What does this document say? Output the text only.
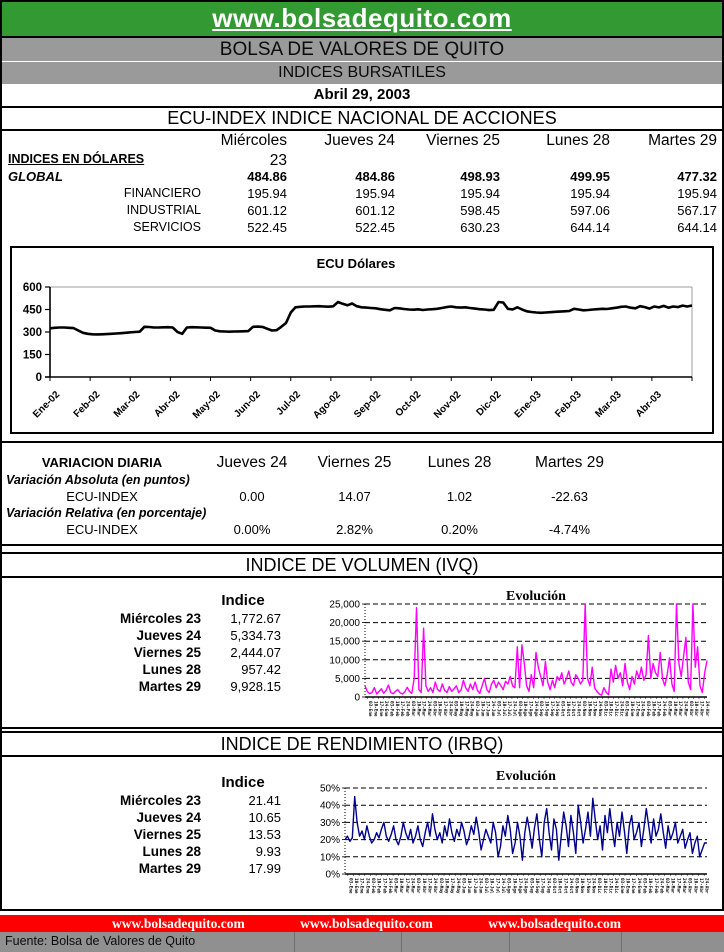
www.bolsadequito.com
BOLSA DE VALORES DE QUITO
INDICES BURSATILES
Abril 29, 2003
ECU-INDEX INDICE NACIONAL DE ACCIONES
Miércoles 23
Jueves 24	Viernes 25	Lunes 28	Martes 29
INDICES EN DÓLARES
GLOBAL	484.86	484.86	498.93	499.95	477.32
FINANCIERO	195.94	195.94	195.94	195.94	195.94
INDUSTRIAL	601.12	601.12	598.45	597.06	567.17
SERVICIOS	522.45	522.45	630.23	644.14	644.14
0
150
300
450
600
Ene-02 Feb-02 Mar-02 Abr-02 May-02 Jun-02 Jul-02 Ago-02 Sep-02 Oct-02 Nov-02 Dic-02 Ene-03 Feb-03 Mar-03 Abr-03
ECU Dólares
VARIACION DIARIA	Jueves 24	Viernes 25	Lunes 28	Martes 29
Variación Absoluta (en puntos)
ECU-INDEX	0.00	14.07	1.02	-22.63
Variación Relativa (en porcentaje)
ECU-INDEX	0.00%	2.82%	0.20%	-4.74%
INDICE DE VOLUMEN (IVQ)
Indice
Miércoles 23	1,772.67
Jueves 24	5,334.73
Viernes 25	2,444.07
Lunes 28	957.42
Martes 29	9,928.15
0
5,000
10,000
15,000
20,000
25,000
03-Ene 10-Ene 17-Ene 24-Ene 03-Feb 10-Feb 17-Feb 24-Feb 03-Mar 10-Mar 17-Mar 24-Mar 03-Abr 10-Abr 17-Abr 24-Abr 03-May 10-May 17-May 24-May 03-Jun 10-Jun 17-Jun 24-Jun 03-Jul 10-Jul 17-Jul 24-Jul 03-Ago 10-Ago 17-Ago 24-Ago 03-Sep 10-Sep 17-Sep 24-Sep 03-Oct 10-Oct 17-Oct 24-Oct 03-Nov 10-Nov 17-Nov 24-Nov 03-Dic 10-Dic 17-Dic 24-Dic 03-Ene 10-Ene 17-Ene 24-Ene 03-Feb 10-Feb 17-Feb 24-Feb 03-Mar 10-Mar 17-Mar 24-Mar 03-Abr 10-Abr 17-Abr 24-Abr
Evolución
INDICE DE RENDIMIENTO (IRBQ)
Indice
Miércoles 23	21.41
Jueves 24	10.65
Viernes 25	13.53
Lunes 28	9.93
Martes 29	17.99	0%
10%
20%
30%
40%
50%
03-Ene 10-Ene 17-Ene 24-Ene 03-Feb 10-Feb 17-Feb 24-Feb 03-Mar 10-Mar 17-Mar 24-Mar 03-Abr 10-Abr 17-Abr 24-Abr 03-May 10-May 17-May 24-May 03-Jun 10-Jun 17-Jun 24-Jun 03-Jul 10-Jul 17-Jul 24-Jul 03-Ago 10-Ago 17-Ago 24-Ago 03-Sep 10-Sep 17-Sep 24-Sep 03-Oct 10-Oct 17-Oct 24-Oct 03-Nov 10-Nov 17-Nov 24-Nov 03-Dic 10-Dic 17-Dic 24-Dic 03-Ene 10-Ene 17-Ene 24-Ene 03-Feb 10-Feb 17-Feb 24-Feb 03-Mar 10-Mar 17-Mar 24-Mar 03-Abr 10-Abr 17-Abr 24-Abr
Evolución
www.bolsadequito.com	www.bolsadequito.com	www.bolsadequito.com
Fuente: Bolsa de Valores de Quito
